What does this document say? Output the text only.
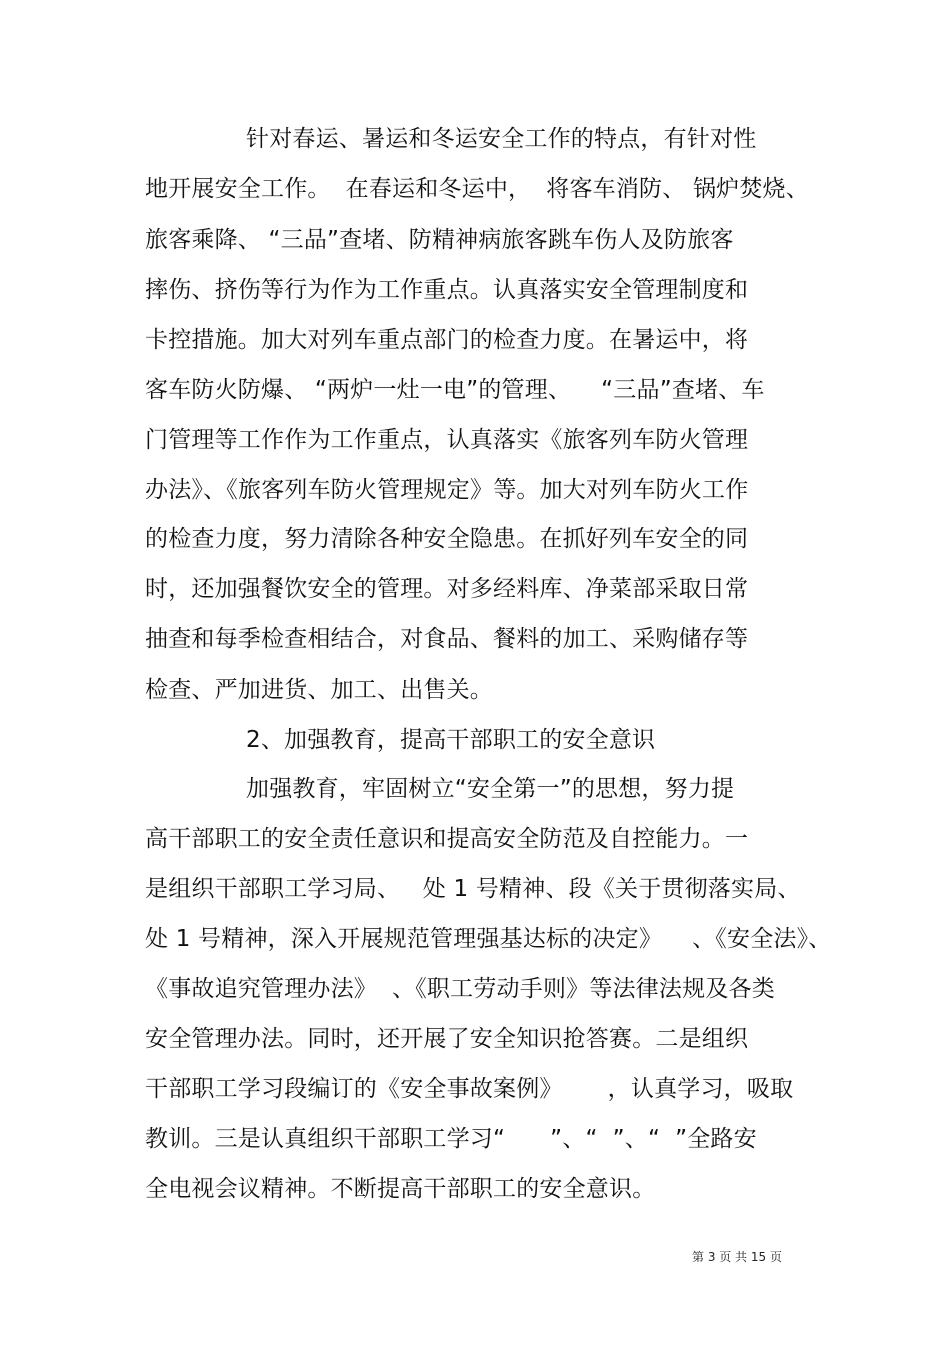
针对春运、暑运和冬运安全工作的特点，有针对性
地开展安全工作。  在春运和冬运中，  将客车消防、 锅炉焚烧、
旅客乘降、 “三品”查堵、防精神病旅客跳车伤人及防旅客
摔伤、挤伤等行为作为工作重点。认真落实安全管理制度和
卡控措施。加大对列车重点部门的检查力度。在暑运中，将
客车防火防爆、 “两炉一灶一电”的管理、    “三品”查堵、车
门管理等工作作为工作重点，认真落实《旅客列车防火管理
办法》、《旅客列车防火管理规定》等。加大对列车防火工作
的检查力度，努力清除各种安全隐患。在抓好列车安全的同
时，还加强餐饮安全的管理。对多经料库、净菜部采取日常
抽查和每季检查相结合，对食品、餐料的加工、采购储存等
检查、严加进货、加工、出售关。
2、加强教育，提高干部职工的安全意识
加强教育，牢固树立“安全第一”的思想，努力提
高干部职工的安全责任意识和提高安全防范及自控能力。一
是组织干部职工学习局、   处 1 号精神、段《关于贯彻落实局、
处 1 号精神，深入开展规范管理强基达标的决定》    、《安全法》、
《事故追究管理办法》  、《职工劳动手则》等法律法规及各类
安全管理办法。同时，还开展了安全知识抢答赛。二是组织
干部职工学习段编订的《安全事故案例》      ，认真学习，吸取
教训。三是认真组织干部职工学习“      ”、“  ”、“  ”全路安
全电视会议精神。不断提高干部职工的安全意识。
第 3 页 共 15 页
